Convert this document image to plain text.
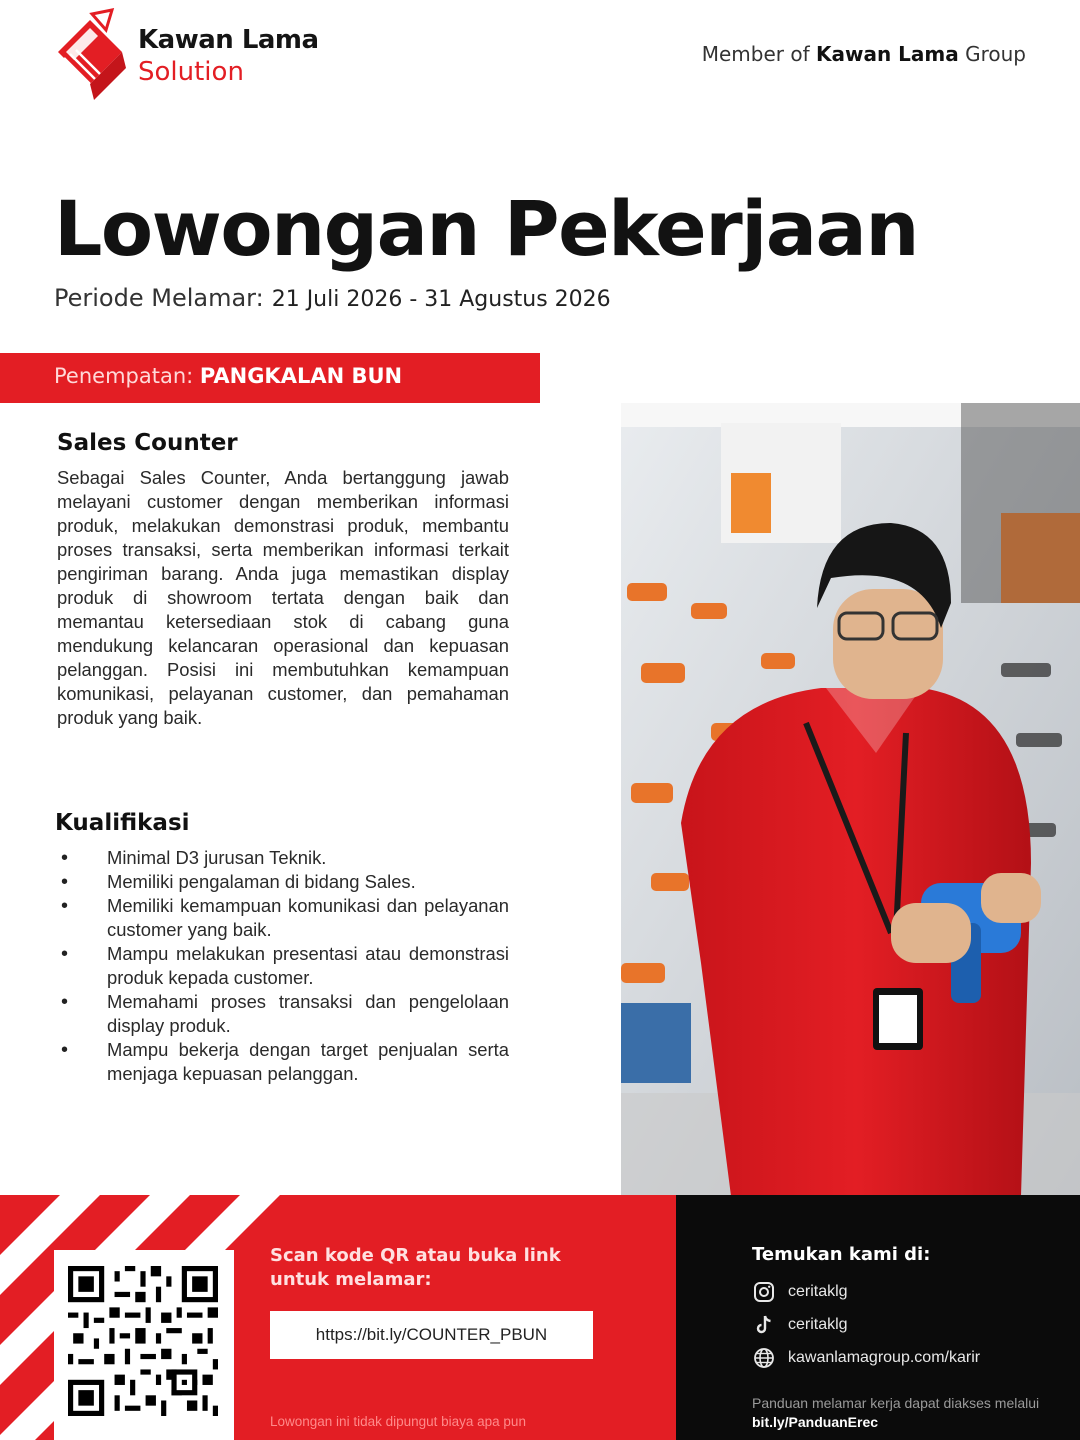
Kawan Lama
Solution
Member of Kawan Lama Group
Lowongan Pekerjaan
Periode Melamar: 21 Juli 2026 - 31 Agustus 2026
Penempatan: PANGKALAN BUN
Sales Counter

Sebagai Sales Counter, Anda bertanggung jawab melayani customer dengan memberikan informasi produk, melakukan demonstrasi produk, membantu proses transaksi, serta memberikan informasi terkait pengiriman barang. Anda juga memastikan display produk di showroom tertata dengan baik dan memantau ketersediaan stok di cabang guna mendukung kelancaran operasional dan kepuasan pelanggan. Posisi ini membutuhkan kemampuan komunikasi, pelayanan customer, dan pemahaman produk yang baik.

Kualifikasi
• Minimal D3 jurusan Teknik.
• Memiliki pengalaman di bidang Sales.
• Memiliki kemampuan komunikasi dan pelayanan customer yang baik.
• Mampu melakukan presentasi atau demonstrasi produk kepada customer.
• Memahami proses transaksi dan pengelolaan display produk.
• Mampu bekerja dengan target penjualan serta menjaga kepuasan pelanggan.
Scan kode QR atau buka link untuk melamar:
https://bit.ly/COUNTER_PBUN
Lowongan ini tidak dipungut biaya apa pun
Temukan kami di:
ceritaklg
ceritaklg
kawanlamagroup.com/karir
Panduan melamar kerja dapat diakses melalui bit.ly/PanduanErec
